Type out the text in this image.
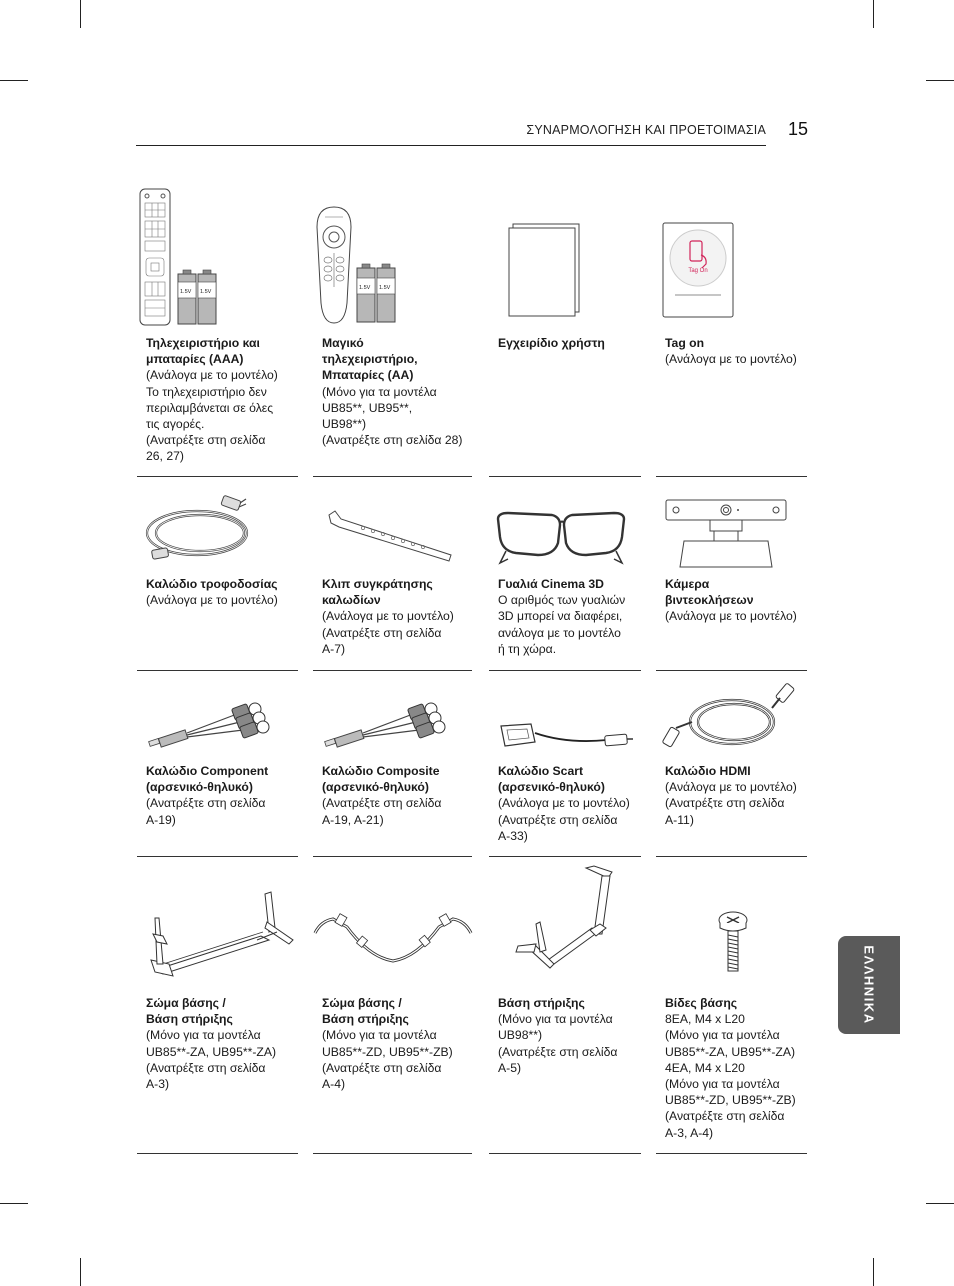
ΣΥΝΑΡΜΟΛΟΓΗΣΗ ΚΑΙ ΠΡΟΕΤΟΙΜΑΣΙΑ 15
ΕΛΛΗΝΙΚΑ
1.5V 1.5V
Τηλεχειριστήριο και
μπαταρίες (AAA)
(Ανάλογα με το μοντέλο)
Το τηλεχειριστήριο δεν
περιλαμβάνεται σε όλες
τις αγορές.
(Ανατρέξτε στη σελίδα
26, 27)
1.5V 1.5V
Μαγικό
τηλεχειριστήριο,
Μπαταρίες (AA)
(Μόνο για τα μοντέλα
UB85**, UB95**,
UB98**)
(Ανατρέξτε στη σελίδα 28)
Εγχειρίδιο χρήστη
Tag On
Tag on
(Ανάλογα με το μοντέλο)
Καλώδιο τροφοδοσίας
(Ανάλογα με το μοντέλο)
Κλιπ συγκράτησης
καλωδίων
(Ανάλογα με το μοντέλο)
(Ανατρέξτε στη σελίδα
A-7)
Γυαλιά Cinema 3D
Ο αριθμός των γυαλιών
3D μπορεί να διαφέρει,
ανάλογα με το μοντέλο
ή τη χώρα.
Κάμερα
βιντεοκλήσεων
(Ανάλογα με το μοντέλο)
Καλώδιο Component
(αρσενικό-θηλυκό)
(Ανατρέξτε στη σελίδα
A-19)
Καλώδιο Composite
(αρσενικό-θηλυκό)
(Ανατρέξτε στη σελίδα
A-19, A-21)
Καλώδιο Scart
(αρσενικό-θηλυκό)
(Ανάλογα με το μοντέλο)
(Ανατρέξτε στη σελίδα
A-33)
Καλώδιο HDMI
(Ανάλογα με το μοντέλο)
(Ανατρέξτε στη σελίδα
A-11)
Σώμα βάσης /
Βάση στήριξης
(Μόνο για τα μοντέλα
UB85**-ZA, UB95**-ZA)
(Ανατρέξτε στη σελίδα
A-3)
Σώμα βάσης /
Βάση στήριξης
(Μόνο για τα μοντέλα
UB85**-ZD, UB95**-ZB)
(Ανατρέξτε στη σελίδα
A-4)
Βάση στήριξης
(Μόνο για τα μοντέλα
UB98**)
(Ανατρέξτε στη σελίδα
A-5)
Βίδες βάσης
8EA, M4 x L20
(Μόνο για τα μοντέλα
UB85**-ZA, UB95**-ZA)
4EA, M4 x L20
(Μόνο για τα μοντέλα
UB85**-ZD, UB95**-ZB)
(Ανατρέξτε στη σελίδα
A-3, A-4)
